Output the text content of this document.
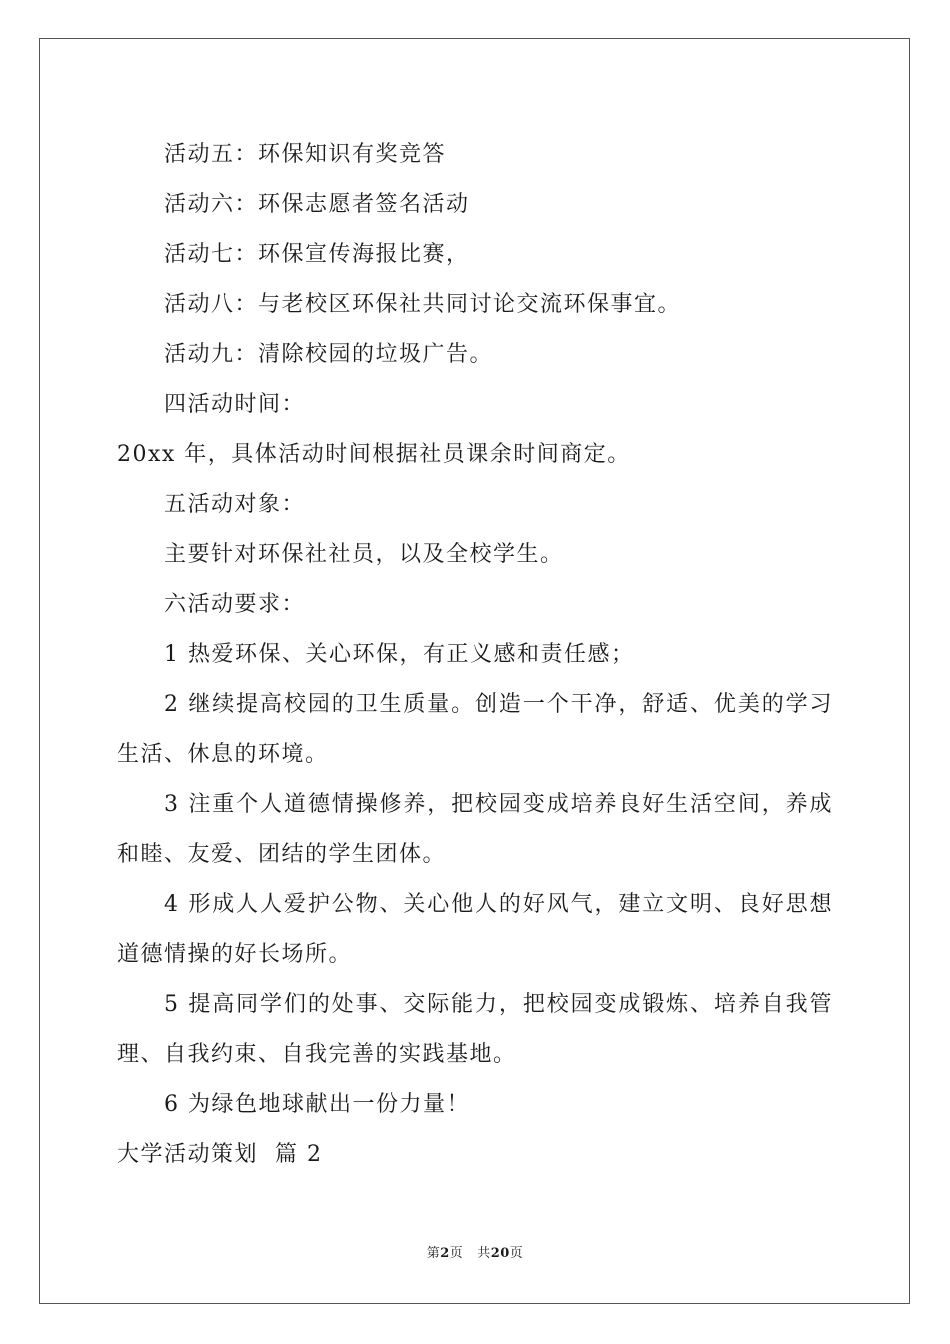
活动五：环保知识有奖竞答
活动六：环保志愿者签名活动
活动七：环保宣传海报比赛，
活动八：与老校区环保社共同讨论交流环保事宜。
活动九：清除校园的垃圾广告。
四活动时间：
20xx 年，具体活动时间根据社员课余时间商定。
五活动对象：
主要针对环保社社员，以及全校学生。
六活动要求：
1 热爱环保、关心环保，有正义感和责任感；
2 继续提高校园的卫生质量。创造一个干净，舒适、优美的学习生活、休息的环境。
3 注重个人道德情操修养，把校园变成培养良好生活空间，养成和睦、友爱、团结的学生团体。
4 形成人人爱护公物、关心他人的好风气，建立文明、良好思想道德情操的好长场所。
5 提高同学们的处事、交际能力，把校园变成锻炼、培养自我管理、自我约束、自我完善的实践基地。
6 为绿色地球献出一份力量！
大学活动策划  篇 2
第2页 共20页
